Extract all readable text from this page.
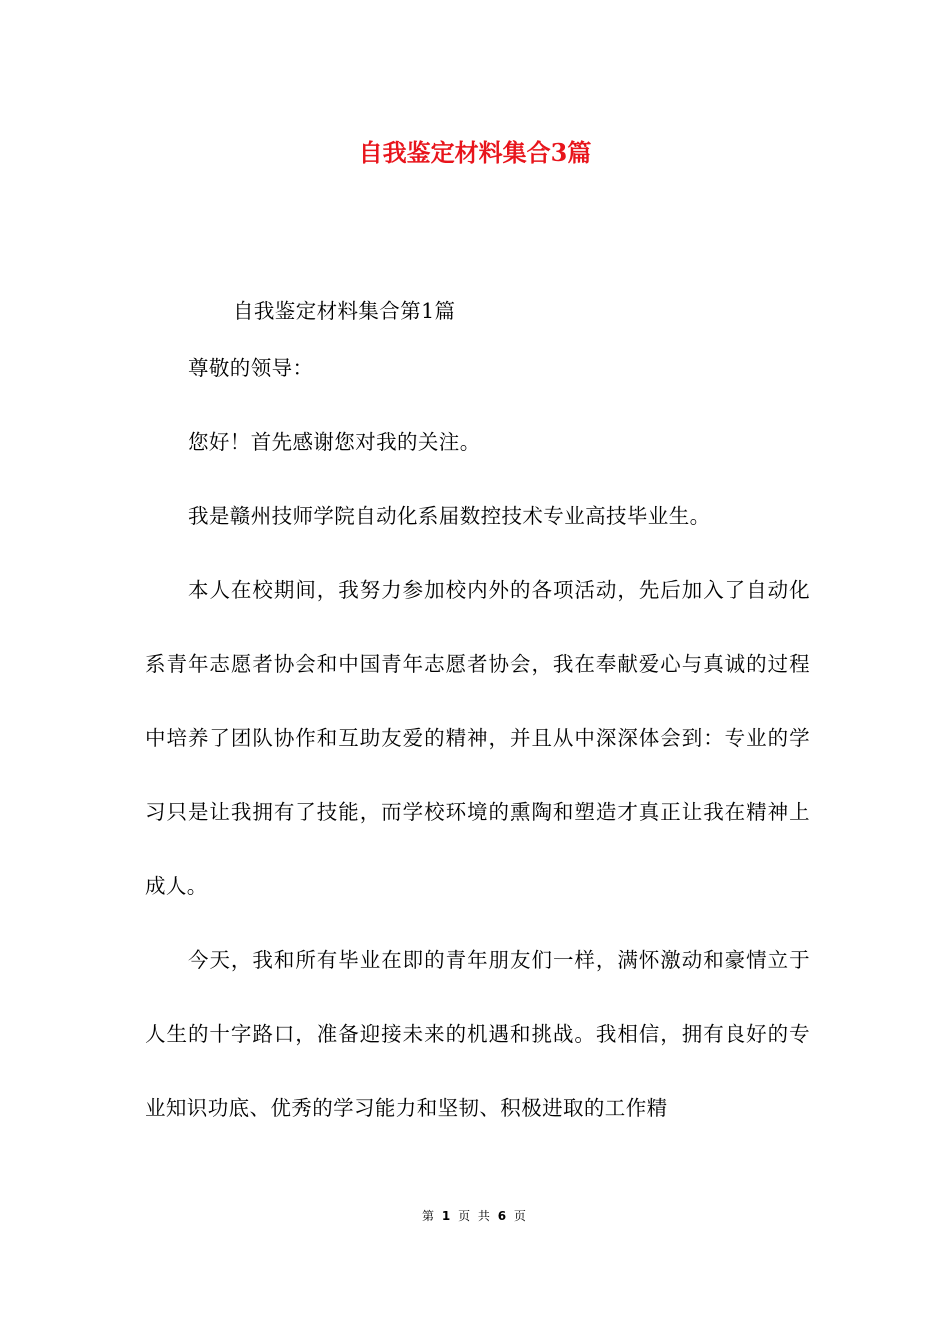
自我鉴定材料集合3篇
自我鉴定材料集合第1篇
尊敬的领导：
您好！首先感谢您对我的关注。
我是赣州技师学院自动化系届数控技术专业高技毕业生。
本人在校期间，我努力参加校内外的各项活动，先后加入了自动化系青年志愿者协会和中国青年志愿者协会，我在奉献爱心与真诚的过程中培养了团队协作和互助友爱的精神，并且从中深深体会到：专业的学习只是让我拥有了技能，而学校环境的熏陶和塑造才真正让我在精神上成人。
今天，我和所有毕业在即的青年朋友们一样，满怀激动和豪情立于人生的十字路口，准备迎接未来的机遇和挑战。我相信，拥有良好的专业知识功底、优秀的学习能力和坚韧、积极进取的工作精
第 1 页 共 6 页
